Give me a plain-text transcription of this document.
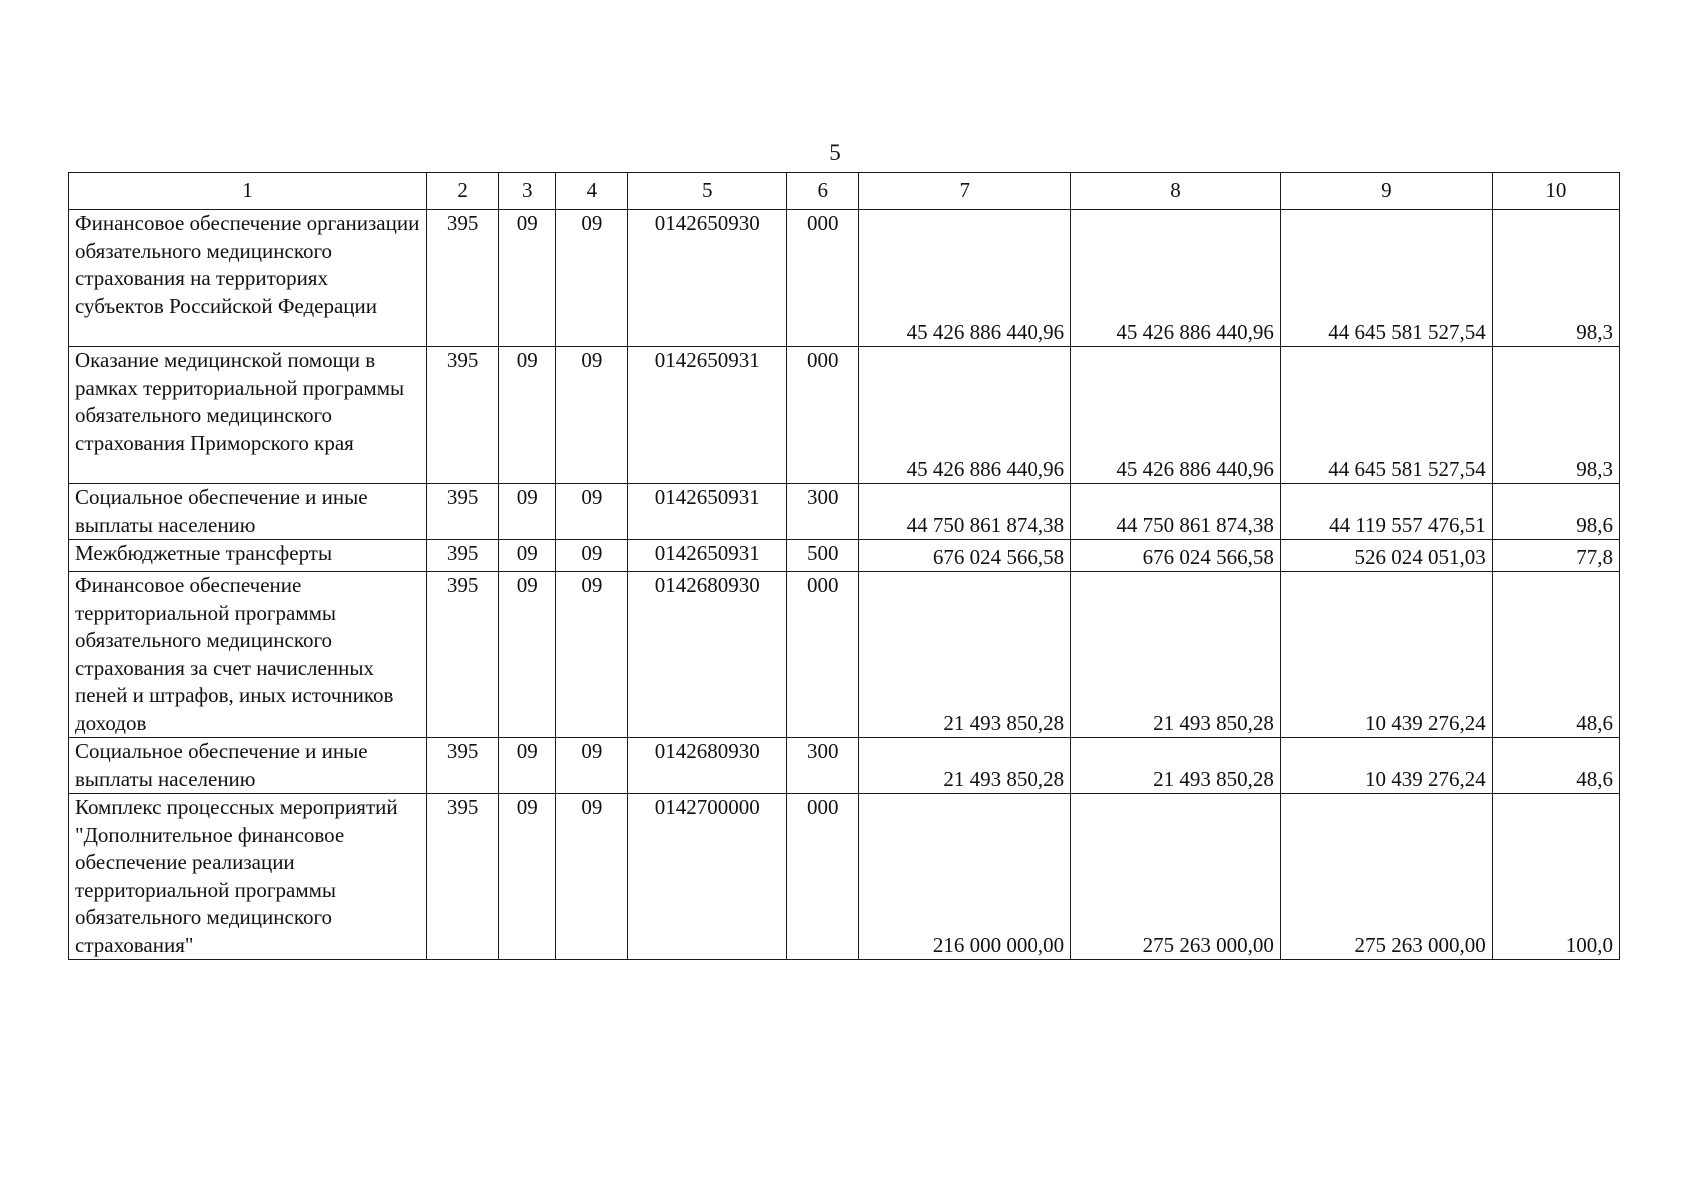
5
1	2	3	4	5	6	7	8	9	10
Финансовое обеспечение организации обязательного медицинского страхования на территориях субъектов Российской Федерации	395	09	09	0142650930	000	45 426 886 440,96	45 426 886 440,96	44 645 581 527,54	98,3
Оказание медицинской помощи в рамках территориальной программы обязательного медицинского страхования Приморского края	395	09	09	0142650931	000	45 426 886 440,96	45 426 886 440,96	44 645 581 527,54	98,3
Социальное обеспечение и иные выплаты населению	395	09	09	0142650931	300	44 750 861 874,38	44 750 861 874,38	44 119 557 476,51	98,6
Межбюджетные трансферты	395	09	09	0142650931	500	676 024 566,58	676 024 566,58	526 024 051,03	77,8
Финансовое обеспечение территориальной программы обязательного медицинского страхования за счет начисленных пеней и штрафов, иных источников доходов	395	09	09	0142680930	000	21 493 850,28	21 493 850,28	10 439 276,24	48,6
Социальное обеспечение и иные выплаты населению	395	09	09	0142680930	300	21 493 850,28	21 493 850,28	10 439 276,24	48,6
Комплекс процессных мероприятий "Дополнительное финансовое обеспечение реализации территориальной программы обязательного медицинского страхования"	395	09	09	0142700000	000	216 000 000,00	275 263 000,00	275 263 000,00	100,0
